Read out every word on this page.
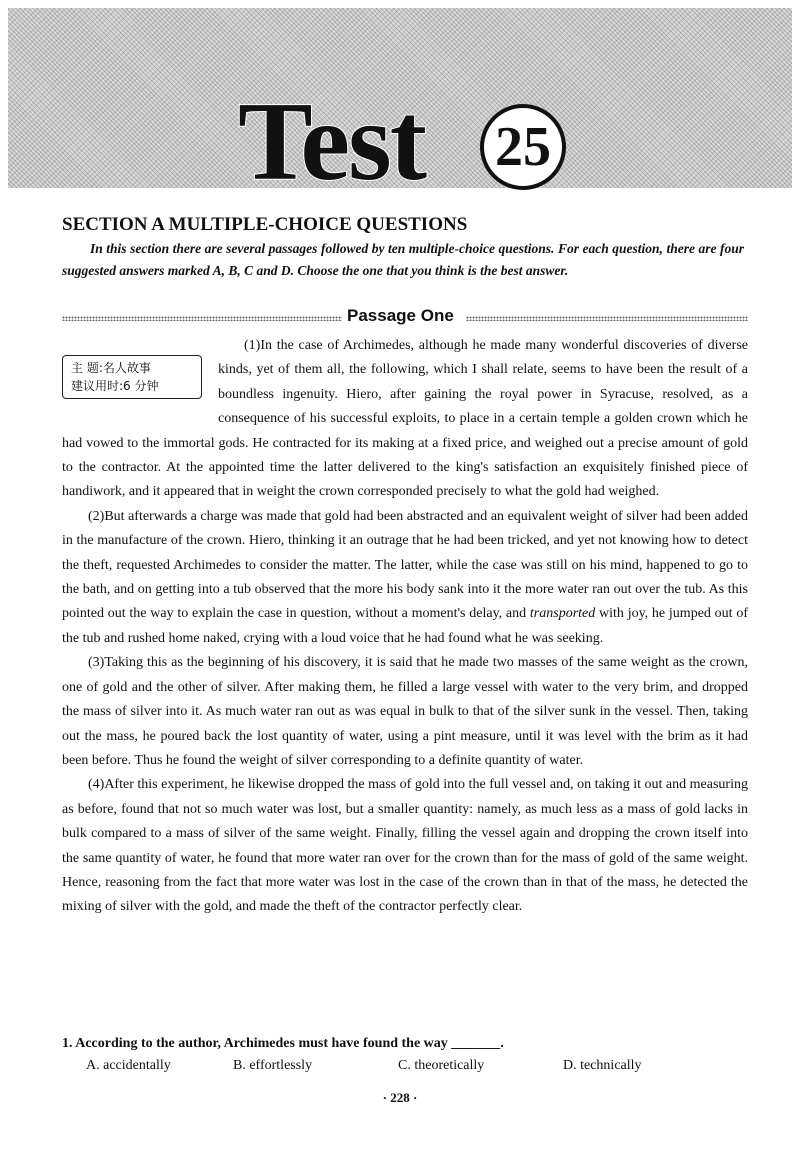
Test 25
SECTION A MULTIPLE-CHOICE QUESTIONS
In this section there are several passages followed by ten multiple-choice questions. For each question, there are four suggested answers marked A, B, C and D. Choose the one that you think is the best answer.
Passage One

(1)In the case of Archimedes, although he made many wonderful discoveries of diverse kinds, yet of them all, the following, which I shall relate, seems to have been the result of a boundless ingenuity. Hiero, after gaining the royal power in Syracuse, resolved, as a consequence of his successful exploits, to place in a certain temple a golden crown which he had vowed to the immortal gods. He contracted for its making at a fixed price, and weighed out a precise amount of gold to the contractor. At the appointed time the latter delivered to the king's satisfaction an exquisitely finished piece of handiwork, and it appeared that in weight the crown corresponded precisely to what the gold had weighed.

(2)But afterwards a charge was made that gold had been abstracted and an equivalent weight of silver had been added in the manufacture of the crown. Hiero, thinking it an outrage that he had been tricked, and yet not knowing how to detect the theft, requested Archimedes to consider the matter. The latter, while the case was still on his mind, happened to go to the bath, and on getting into a tub observed that the more his body sank into it the more water ran out over the tub. As this pointed out the way to explain the case in question, without a moment's delay, and transported with joy, he jumped out of the tub and rushed home naked, crying with a loud voice that he had found what he was seeking.

(3)Taking this as the beginning of his discovery, it is said that he made two masses of the same weight as the crown, one of gold and the other of silver. After making them, he filled a large vessel with water to the very brim, and dropped the mass of silver into it. As much water ran out as was equal in bulk to that of the silver sunk in the vessel. Then, taking out the mass, he poured back the lost quantity of water, using a pint measure, until it was level with the brim as it had been before. Thus he found the weight of silver corresponding to a definite quantity of water.

(4)After this experiment, he likewise dropped the mass of gold into the full vessel and, on taking it out and measuring as before, found that not so much water was lost, but a smaller quantity: namely, as much less as a mass of gold lacks in bulk compared to a mass of silver of the same weight. Finally, filling the vessel again and dropping the crown itself into the same quantity of water, he found that more water ran over for the crown than for the mass of gold of the same weight. Hence, reasoning from the fact that more water was lost in the case of the crown than in that of the mass, he detected the mixing of silver with the gold, and made the theft of the contractor perfectly clear.

主 题:名人故事
建议用时:6 分钟
1. According to the author, Archimedes must have found the way _______.
A. accidentally	B. effortlessly	C. theoretically	D. technically
· 228 ·
